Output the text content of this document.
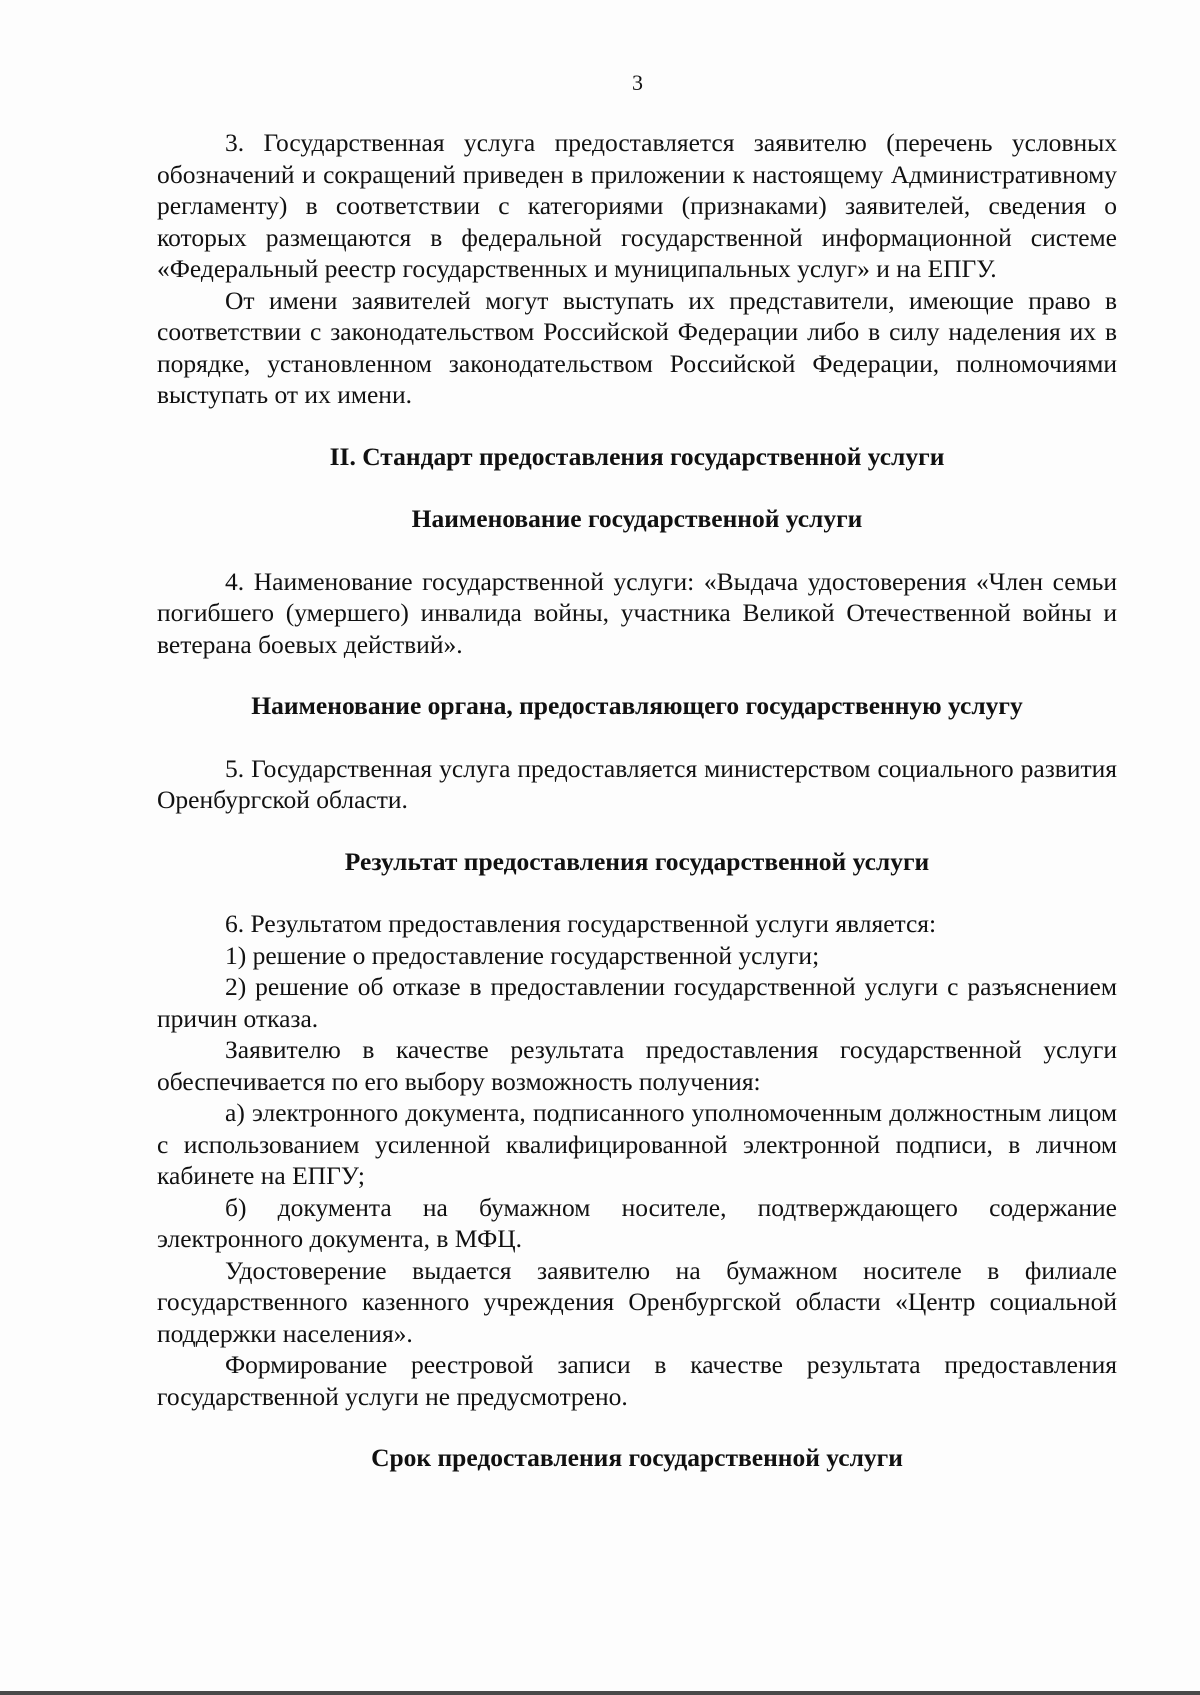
3

3. Государственная услуга предоставляется заявителю (перечень условных обозначений и сокращений приведен в приложении к настоящему Административному регламенту) в соответствии с категориями (признаками) заявителей, сведения о которых размещаются в федеральной государственной информационной системе «Федеральный реестр государственных и муниципальных услуг» и на ЕПГУ.

От имени заявителей могут выступать их представители, имеющие право в соответствии с законодательством Российской Федерации либо в силу наделения их в порядке, установленном законодательством Российской Федерации, полномочиями выступать от их имени.

II. Стандарт предоставления государственной услуги

Наименование государственной услуги

4. Наименование государственной услуги: «Выдача удостоверения «Член семьи погибшего (умершего) инвалида войны, участника Великой Отечественной войны и ветерана боевых действий».

Наименование органа, предоставляющего государственную услугу

5. Государственная услуга предоставляется министерством социального развития Оренбургской области.

Результат предоставления государственной услуги

6. Результатом предоставления государственной услуги является:

1) решение о предоставление государственной услуги;

2) решение об отказе в предоставлении государственной услуги с разъяснением причин отказа.

Заявителю в качестве результата предоставления государственной услуги обеспечивается по его выбору возможность получения:

а) электронного документа, подписанного уполномоченным должностным лицом с использованием усиленной квалифицированной электронной подписи, в личном кабинете на ЕПГУ;

б) документа на бумажном носителе, подтверждающего содержание электронного документа, в МФЦ.

Удостоверение выдается заявителю на бумажном носителе в филиале государственного казенного учреждения Оренбургской области «Центр социальной поддержки населения».

Формирование реестровой записи в качестве результата предоставления государственной услуги не предусмотрено.

Срок предоставления государственной услуги
